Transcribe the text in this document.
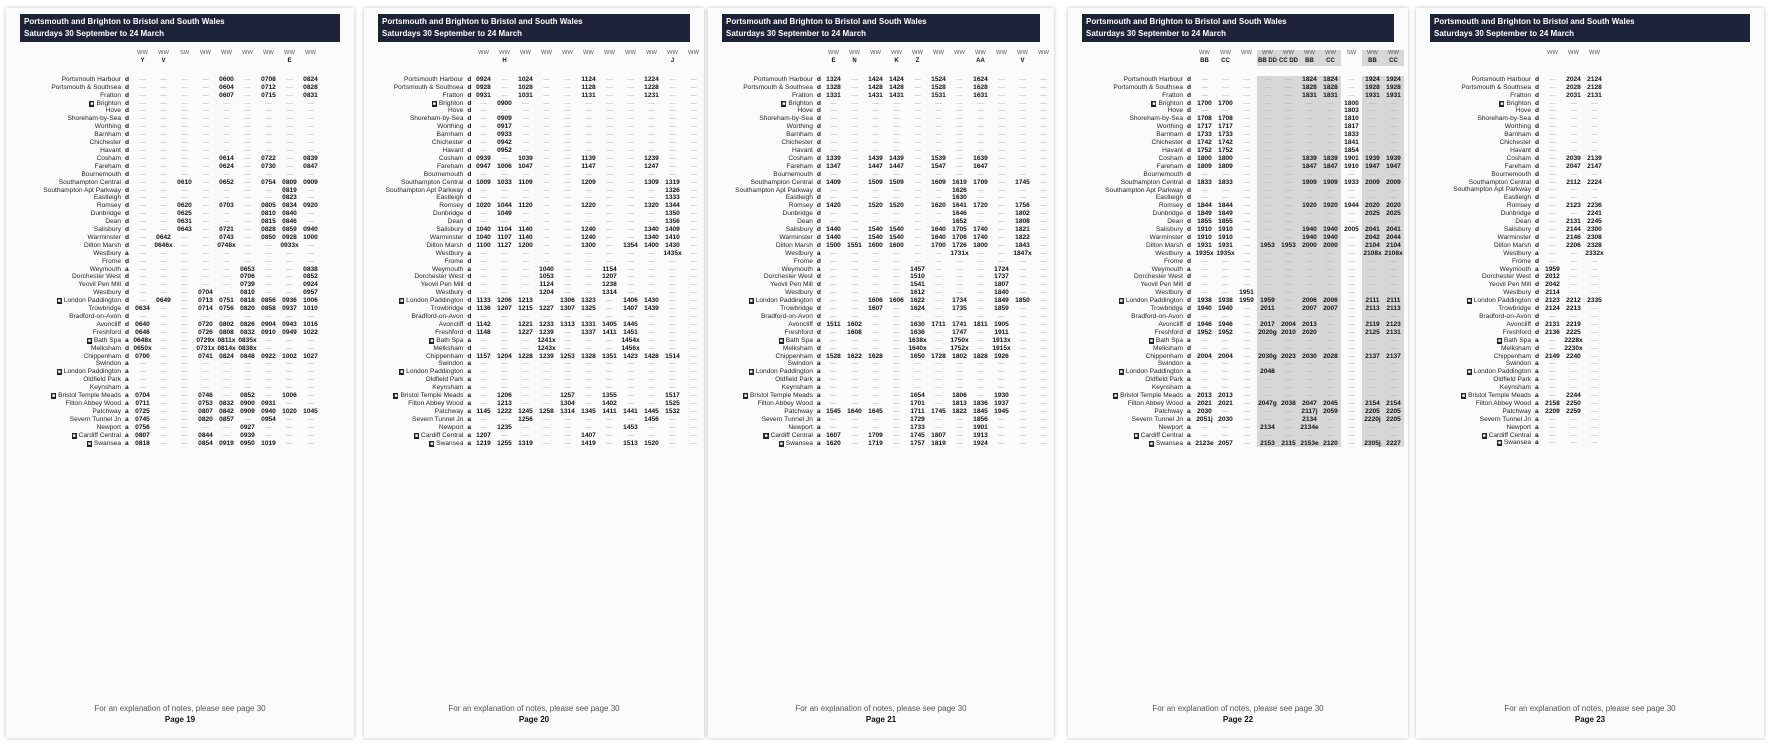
Portsmouth and Brighton to Bristol and South Wales
Saturdays 30 September to 24 March
		WW	WW	SW	WW	WW	WW	WW	WW	WW
		Y	V						E	

Portsmouth Harbour	d	—	—	—	—	0600	—	0708	—	0824
Portsmouth & Southsea	d	—	—	—	—	0604	—	0712	—	0828
Fratton	d	—	—	—	—	0607	—	0715	—	0831
■ Brighton	d	—	—	—	—	—	—	—	—	—
Hove	d	—	—	—	—	—	—	—	—	—
Shoreham-by-Sea	d	—	—	—	—	—	—	—	—	—
Worthing	d	—	—	—	—	—	—	—	—	—
Barnham	d	—	—	—	—	—	—	—	—	—
Chichester	d	—	—	—	—	—	—	—	—	—
Havant	d	—	—	—	—	—	—	—	—	—
Cosham	d	—	—	—	—	0614	—	0722	—	0839
Fareham	d	—	—	—	—	0624	—	0730	—	0847
Bournemouth	d	—	—	—	—	—	—	—	—	—
Southampton Central	d	—	—	0610	—	0652	—	0754	0809	0909
Southampton Apt Parkway	d	—	—	—	—	—	—	—	0819	—
Eastleigh	d	—	—	—	—	—	—	—	0823	—
Romsey	d	—	—	0620	—	0703	—	0805	0834	0920
Dunbridge	d	—	—	0625	—	—	—	0810	0840	—
Dean	d	—	—	0631	—	—	—	0815	0846	—
Salisbury	d	—	—	0643	—	0721	—	0828	0859	0940
Warminster	d	—	0642	—	—	0743	—	0850	0928	1000
Dilton Marsh	d	—	0646x	—	—	0748x	—	—	0933x	—
Westbury	a	—	—	—	—	—	—	—	—	—
Frome	d	—	—	—	—	—	—	—	—	—
Weymouth	a	—	—	—	—	—	0653	—	—	0838
Dorchester West	d	—	—	—	—	—	0706	—	—	0852
Yeovil Pen Mill	d	—	—	—	—	—	0739	—	—	0924
Westbury	d	—	—	—	0704	—	0810	—	—	0957
■ London Paddington	d	—	0649	—	0713	0751	0818	0856	0936	1006
Trowbridge	d	0634	—	—	0714	0756	0820	0858	0937	1010
Bradford-on-Avon	d	—	—	—	—	—	—	—	—	—
Avoncliff	d	0640	—	—	0720	0802	0826	0904	0943	1016
Freshford	d	0646	—	—	0726	0808	0832	0910	0949	1022
■ Bath Spa	a	0648x	—	—	0729x	0811x	0835x	—	—	—
Melksham	d	0650x	—	—	0731x	0814x	0838x	—	—	—
Chippenham	d	0700	—	—	0741	0824	0848	0922	1002	1027
Swindon	a	—	—	—	—	—	—	—	—	—
■ London Paddington	a	—	—	—	—	—	—	—	—	—
Oldfield Park	a	—	—	—	—	—	—	—	—	—
Keynsham	a	—	—	—	—	—	—	—	—	—
■ Bristol Temple Meads	a	0704	—	—	0746	—	0852	—	1006	—
Filton Abbey Wood	a	0711	—	—	0753	0832	0900	0931	—	—
Patchway	a	0725	—	—	0807	0842	0909	0940	1020	1045
Severn Tunnel Jn	a	0745	—	—	0820	0857	—	0954	—	—
Newport	a	0756	—	—	—	—	0927	—	—	—
■ Cardiff Central	a	0807	—	—	0844	—	0939	—	—	—
■ Swansea	a	0818	—	—	0854	0919	0950	1019	—	—
For an explanation of notes, please see page 30
Page 19
Portsmouth and Brighton to Bristol and South Wales
Saturdays 30 September to 24 March
		WW	WW	WW	WW	WW	WW	WW	WW	WW	WW	WW
			H								J	

Portsmouth Harbour	d	0924	—	1024	—	—	1124	—	—	1224	—	—
Portsmouth & Southsea	d	0928	—	1028	—	—	1128	—	—	1228	—	—
Fratton	d	0931	—	1031	—	—	1131	—	—	1231	—	—
■ Brighton	d	—	0900	—	—	—	—	—	—	—	—	—
Hove	d	—	—	—	—	—	—	—	—	—	—	—
Shoreham-by-Sea	d	—	0909	—	—	—	—	—	—	—	—	—
Worthing	d	—	0917	—	—	—	—	—	—	—	—	—
Barnham	d	—	0933	—	—	—	—	—	—	—	—	—
Chichester	d	—	0942	—	—	—	—	—	—	—	—	—
Havant	d	—	0952	—	—	—	—	—	—	—	—	—
Cosham	d	0939	—	1039	—	—	1139	—	—	1239	—	—
Fareham	d	0947	1006	1047	—	—	1147	—	—	1247	—	—
Bournemouth	d	—	—	—	—	—	—	—	—	—	—	—
Southampton Central	d	1009	1033	1109	—	—	1209	—	—	1309	1319	—
Southampton Apt Parkway	d	—	—	—	—	—	—	—	—	—	1326	—
Eastleigh	d	—	—	—	—	—	—	—	—	—	1333	—
Romsey	d	1020	1044	1120	—	—	1220	—	—	1320	1344	—
Dunbridge	d	—	1049	—	—	—	—	—	—	—	1350	—
Dean	d	—	—	—	—	—	—	—	—	—	1356	—
Salisbury	d	1040	1104	1140	—	—	1240	—	—	1340	1409	—
Warminster	d	1040	1107	1140	—	—	1240	—	—	1340	1410	—
Dilton Marsh	d	1100	1127	1200	—	—	1300	—	1354	1400	1430	—
Westbury	a	—	—	—	—	—	—	—	—	—	1435x	—
Frome	d	—	—	—	—	—	—	—	—	—	—	—
Weymouth	a	—	—	—	1040	—	—	1154	—	—	—	—
Dorchester West	d	—	—	—	1053	—	—	1207	—	—	—	—
Yeovil Pen Mill	d	—	—	—	1124	—	—	1238	—	—	—	—
Westbury	d	—	—	—	1204	—	—	1314	—	—	—	—
■ London Paddington	d	1133	1206	1213	—	1306	1323	—	1406	1430	—	—
Trowbridge	d	1136	1207	1215	1227	1307	1325	—	1407	1439	—	—
Bradford-on-Avon	d	—	—	—	—	—	—	—	—	—	—	—
Avoncliff	d	1142	—	1221	1233	1313	1331	1405	1445	—	—	—
Freshford	d	1148	—	1227	1239	—	1337	1411	1451	—	—	—
■ Bath Spa	a	—	—	—	1241x	—	—	—	1454x	—	—	—
Melksham	d	—	—	—	1243x	—	—	—	1456x	—	—	—
Chippenham	d	1157	1204	1228	1239	1253	1328	1351	1423	1428	1514	—
Swindon	a	—	—	—	—	—	—	—	—	—	—	—
■ London Paddington	a	—	—	—	—	—	—	—	—	—	—	—
Oldfield Park	a	—	—	—	—	—	—	—	—	—	—	—
Keynsham	a	—	—	—	—	—	—	—	—	—	—	—
■ Bristol Temple Meads	a	—	1206	—	—	1257	—	1355	—	—	1517	—
Filton Abbey Wood	a	—	1213	—	—	1304	—	1402	—	—	1525	—
Patchway	a	1145	1222	1245	1258	1314	1345	1411	1441	1445	1532	—
Severn Tunnel Jn	a	—	—	1256	—	—	—	—	—	1456	—	—
Newport	a	—	1235	—	—	—	—	—	1453	—	—	—
■ Cardiff Central	a	1207	—	—	—	—	1407	—	—	—	—	—
■ Swansea	a	1219	1255	1319	—	—	1419	—	1513	1520	—	—
For an explanation of notes, please see page 30
Page 20
Portsmouth and Brighton to Bristol and South Wales
Saturdays 30 September to 24 March
		WW	WW	WW	WW	WW	WW	WW	WW	WW	WW	WW
		E	N		K	Z			AA		V	

Portsmouth Harbour	d	1324	—	1424	1424	—	1524	—	1624	—	—	—
Portsmouth & Southsea	d	1328	—	1428	1428	—	1528	—	1628	—	—	—
Fratton	d	1331	—	1431	1431	—	1531	—	1631	—	—	—
■ Brighton	d	—	—	—	—	—	—	—	—	—	—	—
Hove	d	—	—	—	—	—	—	—	—	—	—	—
Shoreham-by-Sea	d	—	—	—	—	—	—	—	—	—	—	—
Worthing	d	—	—	—	—	—	—	—	—	—	—	—
Barnham	d	—	—	—	—	—	—	—	—	—	—	—
Chichester	d	—	—	—	—	—	—	—	—	—	—	—
Havant	d	—	—	—	—	—	—	—	—	—	—	—
Cosham	d	1339	—	1439	1439	—	1539	—	1639	—	—	—
Fareham	d	1347	—	1447	1447	—	1547	—	1647	—	—	—
Bournemouth	d	—	—	—	—	—	—	—	—	—	—	—
Southampton Central	d	1409	—	1509	1509	—	1609	1619	1709	—	1745	—
Southampton Apt Parkway	d	—	—	—	—	—	—	1626	—	—	—	—
Eastleigh	d	—	—	—	—	—	—	1630	—	—	—	—
Romsey	d	1420	—	1520	1520	—	1620	1641	1720	—	1756	—
Dunbridge	d	—	—	—	—	—	—	1646	—	—	1802	—
Dean	d	—	—	—	—	—	—	1652	—	—	1808	—
Salisbury	d	1440	—	1540	1540	—	1640	1705	1740	—	1821	—
Warminster	d	1440	—	1540	1540	—	1640	1706	1740	—	1822	—
Dilton Marsh	d	1500	1551	1600	1600	—	1700	1726	1800	—	1843	—
Westbury	a	—	—	—	—	—	—	1731x	—	—	1847x	—
Frome	d	—	—	—	—	—	—	—	—	—	—	—
Weymouth	a	—	—	—	—	1457	—	—	—	1724	—	—
Dorchester West	d	—	—	—	—	1510	—	—	—	1737	—	—
Yeovil Pen Mill	d	—	—	—	—	1541	—	—	—	1807	—	—
Westbury	d	—	—	—	—	1612	—	—	—	1840	—	—
■ London Paddington	d	—	—	1606	1606	1622	—	1734	—	1849	1850	—
Trowbridge	d	—	—	1607	—	1624	—	1735	—	1859	—	—
Bradford-on-Avon	d	—	—	—	—	—	—	—	—	—	—	—
Avoncliff	d	1511	1602	—	—	1630	1711	1741	1811	1905	—	—
Freshford	d	—	1608	—	—	1636	—	1747	—	1911	—	—
■ Bath Spa	a	—	—	—	—	1638x	—	1750x	—	1913x	—	—
Melksham	d	—	—	—	—	1640x	—	1752x	—	1915x	—	—
Chippenham	d	1528	1622	1628	—	1650	1728	1802	1828	1926	—	—
Swindon	a	—	—	—	—	—	—	—	—	—	—	—
■ London Paddington	a	—	—	—	—	—	—	—	—	—	—	—
Oldfield Park	a	—	—	—	—	—	—	—	—	—	—	—
Keynsham	a	—	—	—	—	—	—	—	—	—	—	—
■ Bristol Temple Meads	a	—	—	—	—	1654	—	1806	—	1930	—	—
Filton Abbey Wood	a	—	—	—	—	1701	—	1813	1836	1937	—	—
Patchway	a	1545	1640	1645	—	1711	1745	1822	1845	1945	—	—
Severn Tunnel Jn	a	—	—	—	—	1729	—	—	1856	—	—	—
Newport	a	—	—	—	—	1733	—	—	1901	—	—	—
■ Cardiff Central	a	1607	—	1709	—	1745	1807	—	1913	—	—	—
■ Swansea	a	1620	—	1719	—	1757	1819	—	1924	—	—	—
For an explanation of notes, please see page 30
Page 21
Portsmouth and Brighton to Bristol and South Wales
Saturdays 30 September to 24 March
		WW	WW	WW	WW	WW	WW	WW	SW	WW	WW
		BB	CC		BB DD	CC DD	BB	CC		BB	CC

Portsmouth Harbour	d	—	—	—	—	—	1824	1824	—	1924	1924
Portsmouth & Southsea	d	—	—	—	—	—	1828	1828	—	1928	1928
Fratton	d	—	—	—	—	—	1831	1831	—	1931	1931
■ Brighton	d	1700	1700	—	—	—	—	—	1800	—	—
Hove	d	—	—	—	—	—	—	—	1803	—	—
Shoreham-by-Sea	d	1708	1708	—	—	—	—	—	1810	—	—
Worthing	d	1717	1717	—	—	—	—	—	1817	—	—
Barnham	d	1733	1733	—	—	—	—	—	1833	—	—
Chichester	d	1742	1742	—	—	—	—	—	1841	—	—
Havant	d	1752	1752	—	—	—	—	—	1854	—	—
Cosham	d	1800	1800	—	—	—	1839	1839	1901	1939	1939
Fareham	d	1809	1809	—	—	—	1847	1847	1910	1947	1947
Bournemouth	d	—	—	—	—	—	—	—	—	—	—
Southampton Central	d	1833	1833	—	—	—	1909	1909	1933	2009	2009
Southampton Apt Parkway	d	—	—	—	—	—	—	—	—	—	—
Eastleigh	d	—	—	—	—	—	—	—	—	—	—
Romsey	d	1844	1844	—	—	—	1920	1920	1944	2020	2020
Dunbridge	d	1849	1849	—	—	—	—	—	—	2025	2025
Dean	d	1855	1855	—	—	—	—	—	—	—	—
Salisbury	d	1910	1910	—	—	—	1940	1940	2005	2041	2041
Warminster	d	1910	1910	—	—	—	1940	1940	—	2042	2044
Dilton Marsh	d	1931	1931	—	1953	1953	2000	2000	—	2104	2104
Westbury	a	1935x	1935x	—	—	—	—	—	—	2108x	2108x
Frome	d	—	—	—	—	—	—	—	—	—	—
Weymouth	a	—	—	—	—	—	—	—	—	—	—
Dorchester West	d	—	—	—	—	—	—	—	—	—	—
Yeovil Pen Mill	d	—	—	—	—	—	—	—	—	—	—
Westbury	d	—	—	1951	—	—	—	—	—	—	—
■ London Paddington	d	1938	1938	1959	1959	—	2006	2006	—	2111	2111
Trowbridge	d	1940	1940	—	2011	—	2007	2007	—	2113	2113
Bradford-on-Avon	d	—	—	—	—	—	—	—	—	—	—
Avoncliff	d	1946	1946	—	2017	2004	2013	—	—	2119	2123
Freshford	d	1952	1952	—	2020g	2010	2020	—	—	2125	2131
■ Bath Spa	a	—	—	—	—	—	—	—	—	—	—
Melksham	d	—	—	—	—	—	—	—	—	—	—
Chippenham	d	2004	2004	—	2030g	2023	2030	2028	—	2137	2137
Swindon	a	—	—	—	—	—	—	—	—	—	—
■ London Paddington	a	—	—	—	2048	—	—	—	—	—	—
Oldfield Park	a	—	—	—	—	—	—	—	—	—	—
Keynsham	a	—	—	—	—	—	—	—	—	—	—
■ Bristol Temple Meads	a	2013	2013	—	—	—	—	—	—	—	—
Filton Abbey Wood	a	2021	2021	—	2047g	2038	2047	2045	—	2154	2154
Patchway	a	2030	—	—	—	—	2117j	2059	—	2205	2205
Severn Tunnel Jn	a	2051j	2030	—	—	—	2134	—	—	2220j	2205
Newport	a	—	—	—	2134	—	2134e	—	—	—	—
■ Cardiff Central	a	—	—	—	—	—	—	—	—	—	—
■ Swansea	a	2123e	2057	—	2153	2115	2153e	2120	—	2305j	2227
For an explanation of notes, please see page 30
Page 22
Portsmouth and Brighton to Bristol and South Wales
Saturdays 30 September to 24 March
		WW	WW	WW

Portsmouth Harbour	d	—	2024	2124
Portsmouth & Southsea	d	—	2028	2128
Fratton	d	—	2031	2131
■ Brighton	d	—	—	—
Hove	d	—	—	—
Shoreham-by-Sea	d	—	—	—
Worthing	d	—	—	—
Barnham	d	—	—	—
Chichester	d	—	—	—
Havant	d	—	—	—
Cosham	d	—	2039	2139
Fareham	d	—	2047	2147
Bournemouth	d	—	—	—
Southampton Central	d	—	2112	2224
Southampton Apt Parkway	d	—	—	—
Eastleigh	d	—	—	—
Romsey	d	—	2123	2236
Dunbridge	d	—	—	2241
Dean	d	—	2131	2245
Salisbury	d	—	2144	2300
Warminster	d	—	2146	2308
Dilton Marsh	d	—	2206	2328
Westbury	a	—	—	2332x
Frome	d	—	—	—
Weymouth	a	1959	—	—
Dorchester West	d	2012	—	—
Yeovil Pen Mill	d	2042	—	—
Westbury	d	2114	—	—
■ London Paddington	d	2123	2212	2335
Trowbridge	d	2124	2213	—
Bradford-on-Avon	d	—	—	—
Avoncliff	d	2131	2219	—
Freshford	d	2136	2225	—
■ Bath Spa	a	—	2228x	—
Melksham	d	—	2230x	—
Chippenham	d	2149	2240	—
Swindon	a	—	—	—
■ London Paddington	a	—	—	—
Oldfield Park	a	—	—	—
Keynsham	a	—	—	—
■ Bristol Temple Meads	a	—	2244	—
Filton Abbey Wood	a	2158	2250	—
Patchway	a	2209	2259	—
Severn Tunnel Jn	a	—	—	—
Newport	a	—	—	—
■ Cardiff Central	a	—	—	—
■ Swansea	a	—	—	—
For an explanation of notes, please see page 30
Page 23
